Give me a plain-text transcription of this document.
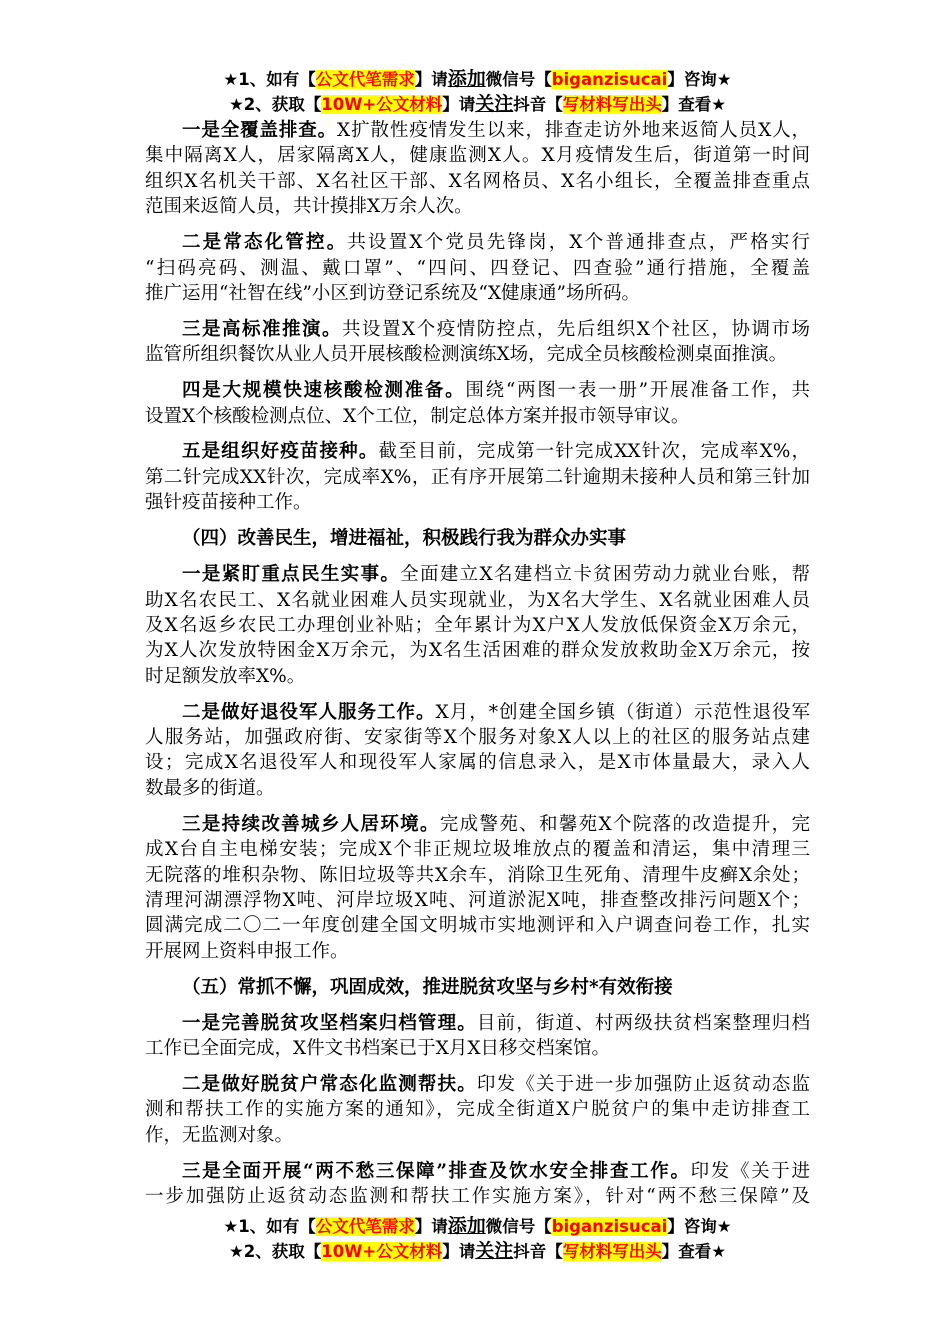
★1、如有【公文代笔需求】请添加微信号【biganzisucai】咨询★
★2、获取【10W+公文材料】请关注抖音【写材料写出头】查看★
一是全覆盖排查。X扩散性疫情发生以来，排查走访外地来返简人员X人，
集中隔离X人，居家隔离X人，健康监测X人。X月疫情发生后，街道第一时间
组织X名机关干部、X名社区干部、X名网格员、X名小组长，全覆盖排查重点
范围来返简人员，共计摸排X万余人次。
二是常态化管控。共设置X个党员先锋岗，X个普通排查点，严格实行
“扫码亮码、测温、戴口罩”、“四问、四登记、四查验”通行措施，全覆盖
推广运用“社智在线”小区到访登记系统及“X健康通”场所码。
三是高标准推演。共设置X个疫情防控点，先后组织X个社区，协调市场
监管所组织餐饮从业人员开展核酸检测演练X场，完成全员核酸检测桌面推演。
四是大规模快速核酸检测准备。围绕“两图一表一册”开展准备工作，共
设置X个核酸检测点位、X个工位，制定总体方案并报市领导审议。
五是组织好疫苗接种。截至目前，完成第一针完成XX针次，完成率X%，
第二针完成XX针次，完成率X%，正有序开展第二针逾期未接种人员和第三针加
强针疫苗接种工作。
（四）改善民生，增进福祉，积极践行我为群众办实事
一是紧盯重点民生实事。全面建立X名建档立卡贫困劳动力就业台账，帮
助X名农民工、X名就业困难人员实现就业，为X名大学生、X名就业困难人员
及X名返乡农民工办理创业补贴；全年累计为X户X人发放低保资金X万余元，
为X人次发放特困金X万余元，为X名生活困难的群众发放救助金X万余元，按
时足额发放率X%。
二是做好退役军人服务工作。X月，*创建全国乡镇（街道）示范性退役军
人服务站，加强政府街、安家街等X个服务对象X人以上的社区的服务站点建
设；完成X名退役军人和现役军人家属的信息录入，是X市体量最大，录入人
数最多的街道。
三是持续改善城乡人居环境。完成警苑、和馨苑X个院落的改造提升，完
成X台自主电梯安装；完成X个非正规垃圾堆放点的覆盖和清运，集中清理三
无院落的堆积杂物、陈旧垃圾等共X余车，消除卫生死角、清理牛皮癣X余处；
清理河湖漂浮物X吨、河岸垃圾X吨、河道淤泥X吨，排查整改排污问题X个；
圆满完成二〇二一年度创建全国文明城市实地测评和入户调查问卷工作，扎实
开展网上资料申报工作。
（五）常抓不懈，巩固成效，推进脱贫攻坚与乡村*有效衔接
一是完善脱贫攻坚档案归档管理。目前，街道、村两级扶贫档案整理归档
工作已全面完成，X件文书档案已于X月X日移交档案馆。
二是做好脱贫户常态化监测帮扶。印发《关于进一步加强防止返贫动态监
测和帮扶工作的实施方案的通知》，完成全街道X户脱贫户的集中走访排查工
作，无监测对象。
三是全面开展“两不愁三保障”排查及饮水安全排查工作。印发《关于进
一步加强防止返贫动态监测和帮扶工作实施方案》，针对“两不愁三保障”及
★1、如有【公文代笔需求】请添加微信号【biganzisucai】咨询★
★2、获取【10W+公文材料】请关注抖音【写材料写出头】查看★
